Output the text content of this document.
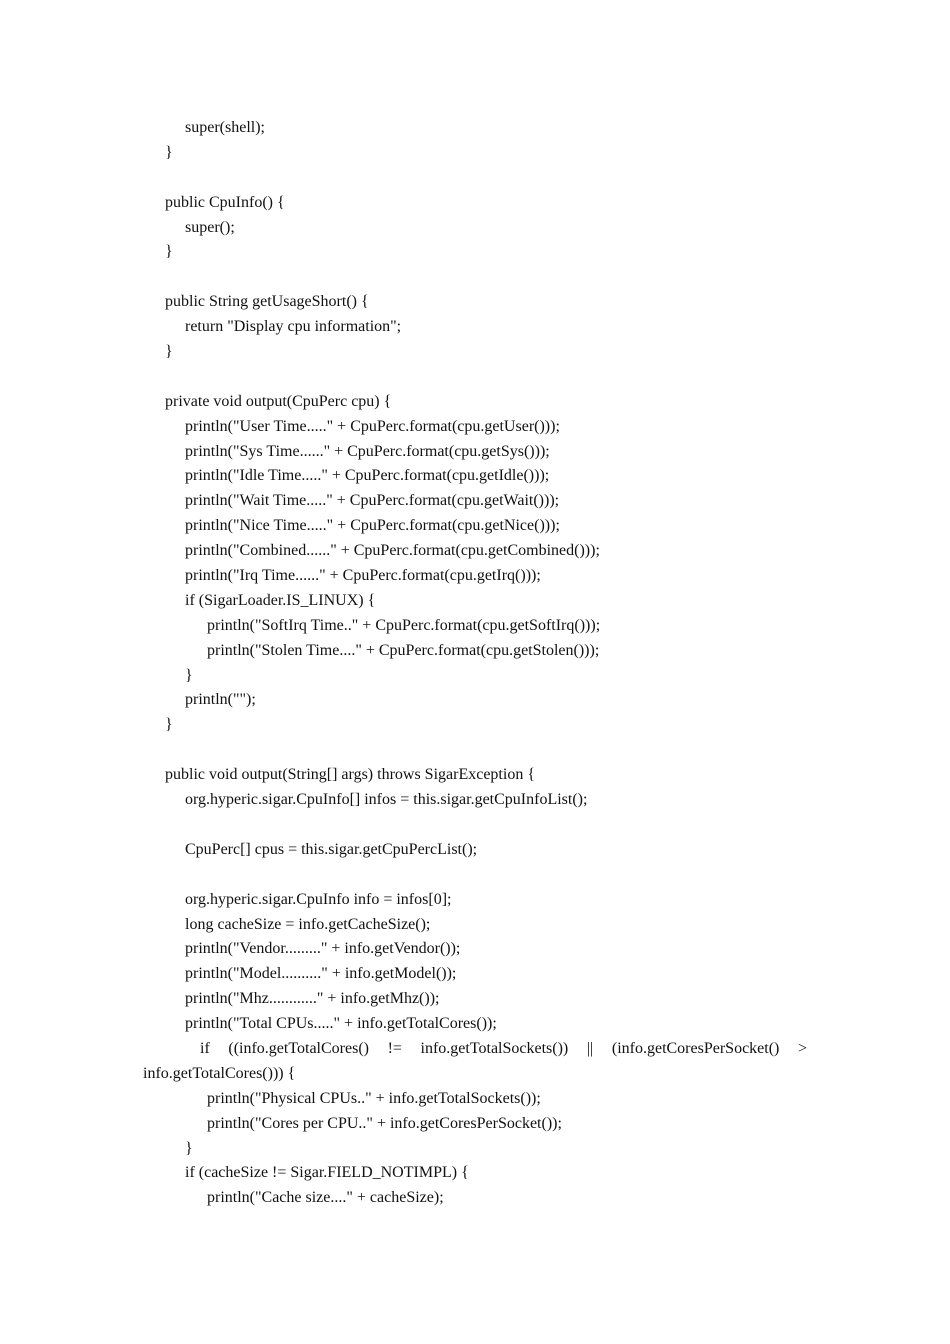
super(shell);
}
public CpuInfo() {
super();
}
public String getUsageShort() {
return "Display cpu information";
}
private void output(CpuPerc cpu) {
println("User Time....." + CpuPerc.format(cpu.getUser()));
println("Sys Time......" + CpuPerc.format(cpu.getSys()));
println("Idle Time....." + CpuPerc.format(cpu.getIdle()));
println("Wait Time....." + CpuPerc.format(cpu.getWait()));
println("Nice Time....." + CpuPerc.format(cpu.getNice()));
println("Combined......" + CpuPerc.format(cpu.getCombined()));
println("Irq Time......" + CpuPerc.format(cpu.getIrq()));
if (SigarLoader.IS_LINUX) {
println("SoftIrq Time.." + CpuPerc.format(cpu.getSoftIrq()));
println("Stolen Time...." + CpuPerc.format(cpu.getStolen()));
}
println("");
}
public void output(String[] args) throws SigarException {
org.hyperic.sigar.CpuInfo[] infos = this.sigar.getCpuInfoList();
CpuPerc[] cpus = this.sigar.getCpuPercList();
org.hyperic.sigar.CpuInfo info = infos[0];
long cacheSize = info.getCacheSize();
println("Vendor........." + info.getVendor());
println("Model.........." + info.getModel());
println("Mhz............" + info.getMhz());
println("Total CPUs....." + info.getTotalCores());
if ((info.getTotalCores() != info.getTotalSockets()) || (info.getCoresPerSocket() >
info.getTotalCores())) {
println("Physical CPUs.." + info.getTotalSockets());
println("Cores per CPU.." + info.getCoresPerSocket());
}
if (cacheSize != Sigar.FIELD_NOTIMPL) {
println("Cache size...." + cacheSize);
